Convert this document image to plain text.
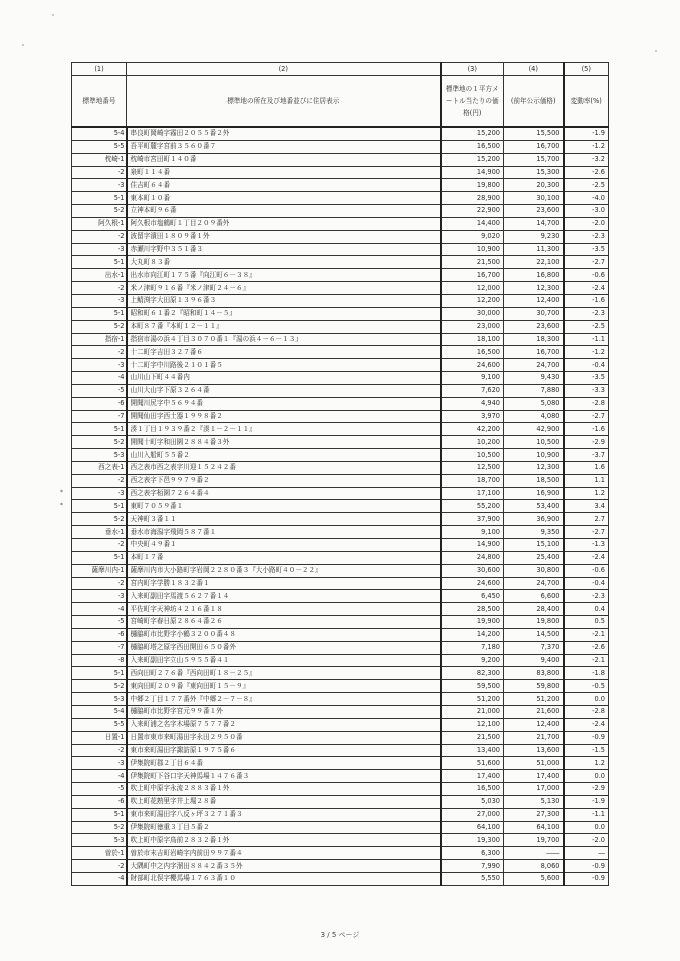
(1)	(2)	(3)	(4)	(5)
標準地番号	標準地の所在及び地番並びに住居表示	標準地の１平方メートル当たりの価格(円)	(前年公示価格)	変動率(%)
5-4	串良町岡崎字霧田２０５５番２外	15,200	15,500	-1.9
5-5	吾平町麓字宮前３５６０番７	16,500	16,700	-1.2
枕崎-1	枕崎市宮田町１４０番	15,200	15,700	-3.2
-2	泉町１１４番	14,900	15,300	-2.6
-3	住吉町６４番	19,800	20,300	-2.5
5-1	東本町１０番	28,900	30,100	-4.0
5-2	立神本町９６番	22,900	23,600	-3.0
阿久根-1	阿久根市塩鶴町１丁目２０９番外	14,400	14,700	-2.0
-2	波留字濱田１８０９番１外	9,020	9,230	-2.3
-3	赤瀬川字野中３５１番３	10,900	11,300	-3.5
5-1	大丸町８３番	21,500	22,100	-2.7
出水-1	出水市向江町１７５番『向江町６－３８』	16,700	16,800	-0.6
-2	米ノ津町９１６番『米ノ津町２４－６』	12,000	12,300	-2.4
-3	上鯖渕字大田原１３９６番３	12,200	12,400	-1.6
5-1	昭和町６１番２『昭和町１４－５』	30,000	30,700	-2.3
5-2	本町８７番『本町１２－１１』	23,000	23,600	-2.5
指宿-1	指宿市湯の浜４丁目３０７０番１『湯の浜４－６－１３』	18,100	18,300	-1.1
-2	十二町字吉田３２７番６	16,500	16,700	-1.2
-3	十二町字中川路後２１０１番５	24,600	24,700	-0.4
-4	山川山下町４４番内	9,100	9,430	-3.5
-5	山川大山字下原３２６４番	7,620	7,880	-3.3
-6	開聞川尻字中５６９４番	4,940	5,080	-2.8
-7	開聞仙田字西土器１９９８番２	3,970	4,080	-2.7
5-1	湊１丁目１９３９番２『湊１－２－１１』	42,200	42,900	-1.6
5-2	開聞十町字和田園２８８４番３外	10,200	10,500	-2.9
5-3	山川入船町５５番２	10,500	10,900	-3.7
西之表-1	西之表市西之表字川迎１５２４２番	12,500	12,300	1.6
-2	西之表字下邑９９７９番２	18,700	18,500	1.1
-3	西之表字栢園７２６４番４	17,100	16,900	1.2
5-1	東町７０５９番１	55,200	53,400	3.4
5-2	天神町３番１１	37,900	36,900	2.7
垂水-1	垂水市海潟字飛岡５８７番１	9,100	9,350	-2.7
-2	中央町４９番１	14,900	15,100	-1.3
5-1	本町１７番	24,800	25,400	-2.4
薩摩川内-1	薩摩川内市大小路町字岩岡２２８０番３『大小路町４０－２２』	30,600	30,800	-0.6
-2	宮内町字学勝１８３２番１	24,600	24,700	-0.4
-3	入来町副田字馬渡５６２７番１４	6,450	6,600	-2.3
-4	平佐町字天神坊４２１６番１８	28,500	28,400	0.4
-5	宮崎町字春日原２８６４番２６	19,900	19,800	0.5
-6	樋脇町市比野字小鶴３２００番４８	14,200	14,500	-2.1
-7	樋脇町塔之原字西田開田６５０番外	7,180	7,370	-2.6
-8	入来町副田字立山５９５５番４１	9,200	9,400	-2.1
5-1	西向田町２７６番『西向田町１８－２５』	82,300	83,800	-1.8
5-2	東向田町２０９番『東向田町１５－９』	59,500	59,800	-0.5
5-3	中郷２丁目１７７番外『中郷２－７－８』	51,200	51,200	0.0
5-4	樋脇町市比野字宮元９９番１外	21,000	21,600	-2.8
5-5	入来町浦之名字木場原７５７７番２	12,100	12,400	-2.4
日置-1	日置市東市来町湯田字永田２９５０番	21,500	21,700	-0.9
-2	東市来町湯田字諏訪原１９７５番６	13,400	13,600	-1.5
-3	伊集院町郡２丁目６４番	51,600	51,000	1.2
-4	伊集院町下谷口字天神馬場１４７６番３	17,400	17,400	0.0
-5	吹上町中原字永流２８８３番１外	16,500	17,000	-2.9
-6	吹上町花熟里字井上堀２８番	5,030	5,130	-1.9
5-1	東市来町湯田字八反ヶ坪３２７１番３	27,000	27,300	-1.1
5-2	伊集院町徳重３丁目５番２	64,100	64,100	0.0
5-3	吹上町中原字鳥前２８３２番１外	19,300	19,700	-2.0
曽於-1	曽於市末吉町岩崎字内前田９９７番４	6,300	――	―
-2	大隅町中之内字溜田８８４２番３５外	7,990	8,060	-0.9
-4	財部町北俣字櫻馬場１７６３番１０	5,550	5,600	-0.9
*
*
3 / 5 ページ
